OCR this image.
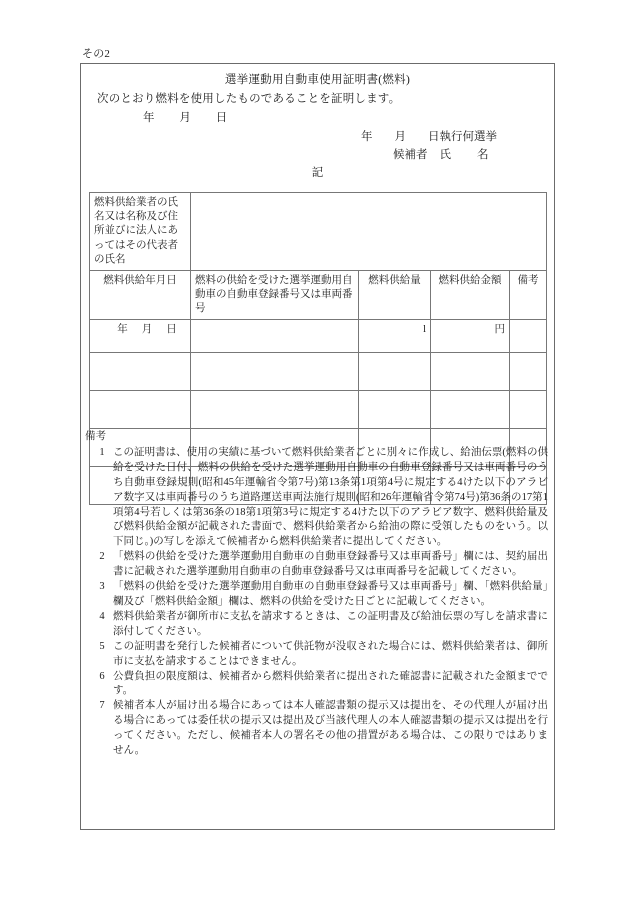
その2
選挙運動用自動車使用証明書(燃料)
次のとおり燃料を使用したものであることを証明します。
年 月 日
年 月 日執行何選挙
候補者 氏 名
記
燃料供給業者の氏名又は名称及び住所並びに法人にあってはその代表者の氏名				
燃料供給年月日	燃料の供給を受けた選挙運動用自動車の自動車登録番号又は車両番号	燃料供給量	燃料供給金額	備考
年 月 日		l	円	

備考
1 この証明書は、使用の実績に基づいて燃料供給業者ごとに別々に作成し、給油伝票(燃料の供給を受けた日付、燃料の供給を受けた選挙運動用自動車の自動車登録番号又は車両番号のうち自動車登録規則(昭和45年運輸省令第7号)第13条第1項第4号に規定する4けた以下のアラビア数字又は車両番号のうち道路運送車両法施行規則(昭和26年運輸省令第74号)第36条の17第1項第4号若しくは第36条の18第1項第3号に規定する4けた以下のアラビア数字、燃料供給量及び燃料供給金額が記載された書面で、燃料供給業者から給油の際に受領したものをいう。以下同じ。)の写しを添えて候補者から燃料供給業者に提出してください。
2 「燃料の供給を受けた選挙運動用自動車の自動車登録番号又は車両番号」欄には、契約届出書に記載された選挙運動用自動車の自動車登録番号又は車両番号を記載してください。
3 「燃料の供給を受けた選挙運動用自動車の自動車登録番号又は車両番号」欄、「燃料供給量」欄及び「燃料供給金額」欄は、燃料の供給を受けた日ごとに記載してください。
4 燃料供給業者が御所市に支払を請求するときは、この証明書及び給油伝票の写しを請求書に添付してください。
5 この証明書を発行した候補者について供託物が没収された場合には、燃料供給業者は、御所市に支払を請求することはできません。
6 公費負担の限度額は、候補者から燃料供給業者に提出された確認書に記載された金額までです。
7 候補者本人が届け出る場合にあっては本人確認書類の提示又は提出を、その代理人が届け出る場合にあっては委任状の提示又は提出及び当該代理人の本人確認書類の提示又は提出を行ってください。ただし、候補者本人の署名その他の措置がある場合は、この限りではありません。
